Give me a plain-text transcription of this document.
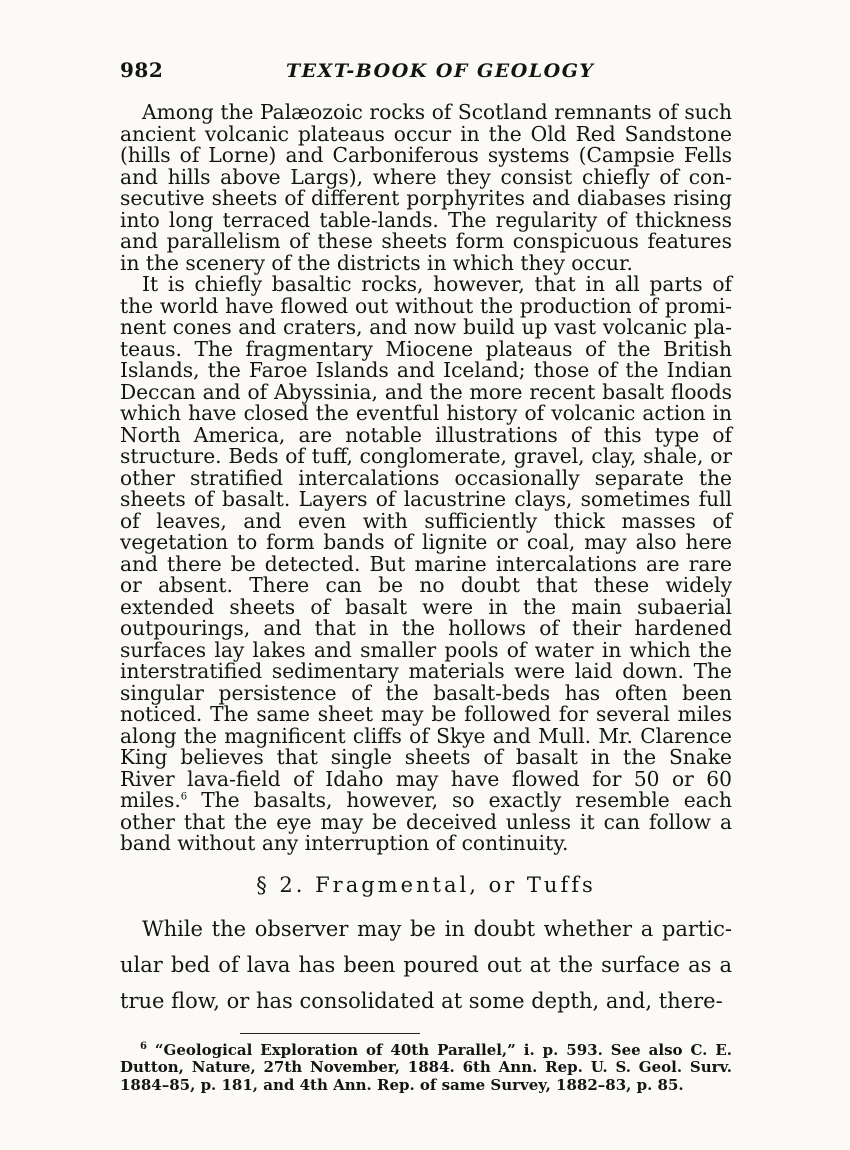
982	TEXT-BOOK OF GEOLOGY

Among the Palæozoic rocks of Scotland remnants of such ancient volcanic plateaus occur in the Old Red Sandstone (hills of Lorne) and Carboniferous systems (Campsie Fells and hills above Largs), where they consist chiefly of consecutive sheets of different porphyrites and diabases rising into long terraced table-lands. The regularity of thickness and parallelism of these sheets form conspicuous features in the scenery of the districts in which they occur.

It is chiefly basaltic rocks, however, that in all parts of the world have flowed out without the production of prominent cones and craters, and now build up vast volcanic plateaus. The fragmentary Miocene plateaus of the British Islands, the Faroe Islands and Iceland; those of the Indian Deccan and of Abyssinia, and the more recent basalt floods which have closed the eventful history of volcanic action in North America, are notable illustrations of this type of structure. Beds of tuff, conglomerate, gravel, clay, shale, or other stratified intercalations occasionally separate the sheets of basalt. Layers of lacustrine clays, sometimes full of leaves, and even with sufficiently thick masses of vegetation to form bands of lignite or coal, may also here and there be detected. But marine intercalations are rare or absent. There can be no doubt that these widely extended sheets of basalt were in the main subaerial outpourings, and that in the hollows of their hardened surfaces lay lakes and smaller pools of water in which the interstratified sedimentary materials were laid down. The singular persistence of the basalt-beds has often been noticed. The same sheet may be followed for several miles along the magnificent cliffs of Skye and Mull. Mr. Clarence King believes that single sheets of basalt in the Snake River lava-field of Idaho may have flowed for 50 or 60 miles.$^6$ The basalts, however, so exactly resemble each other that the eye may be deceived unless it can follow a band without any interruption of continuity.

§ 2. Fragmental, or Tuffs

While the observer may be in doubt whether a particular bed of lava has been poured out at the surface as a true flow, or has consolidated at some depth, and, there-

$^6$ “Geological Exploration of 40th Parallel,” i. p. 593. See also C. E. Dutton, Nature, 27th November, 1884. 6th Ann. Rep. U. S. Geol. Surv. 1884–85, p. 181, and 4th Ann. Rep. of same Survey, 1882–83, p. 85.
